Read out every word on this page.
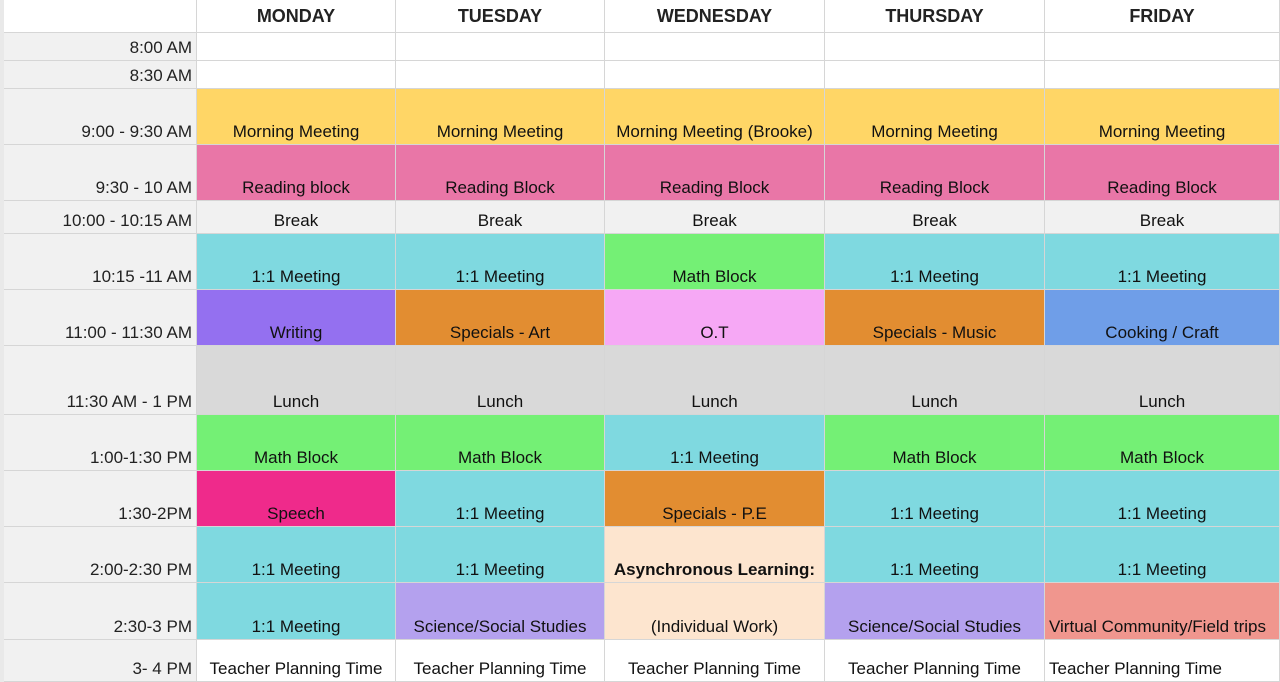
MONDAY	TUESDAY	WEDNESDAY	THURSDAY	FRIDAY
8:00 AM
8:30 AM
9:00 - 9:30 AM	Morning Meeting	Morning Meeting	Morning Meeting (Brooke)	Morning Meeting	Morning Meeting
9:30 - 10 AM	Reading block	Reading Block	Reading Block	Reading Block	Reading Block
10:00 - 10:15 AM	Break	Break	Break	Break	Break
10:15 -11 AM	1:1 Meeting	1:1 Meeting	Math Block	1:1 Meeting	1:1 Meeting
11:00 - 11:30 AM	Writing	Specials - Art	O.T	Specials - Music	Cooking / Craft
11:30 AM - 1 PM	Lunch	Lunch	Lunch	Lunch	Lunch
1:00-1:30 PM	Math Block	Math Block	1:1 Meeting	Math Block	Math Block
1:30-2PM	Speech	1:1 Meeting	Specials - P.E	1:1 Meeting	1:1 Meeting
2:00-2:30 PM	1:1 Meeting	1:1 Meeting	Asynchronous Learning:	1:1 Meeting	1:1 Meeting
2:30-3 PM	1:1 Meeting	Science/Social Studies	(Individual Work)	Science/Social Studies	Virtual Community/Field trips
3- 4 PM	Teacher Planning Time	Teacher Planning Time	Teacher Planning Time	Teacher Planning Time	Teacher Planning Time
